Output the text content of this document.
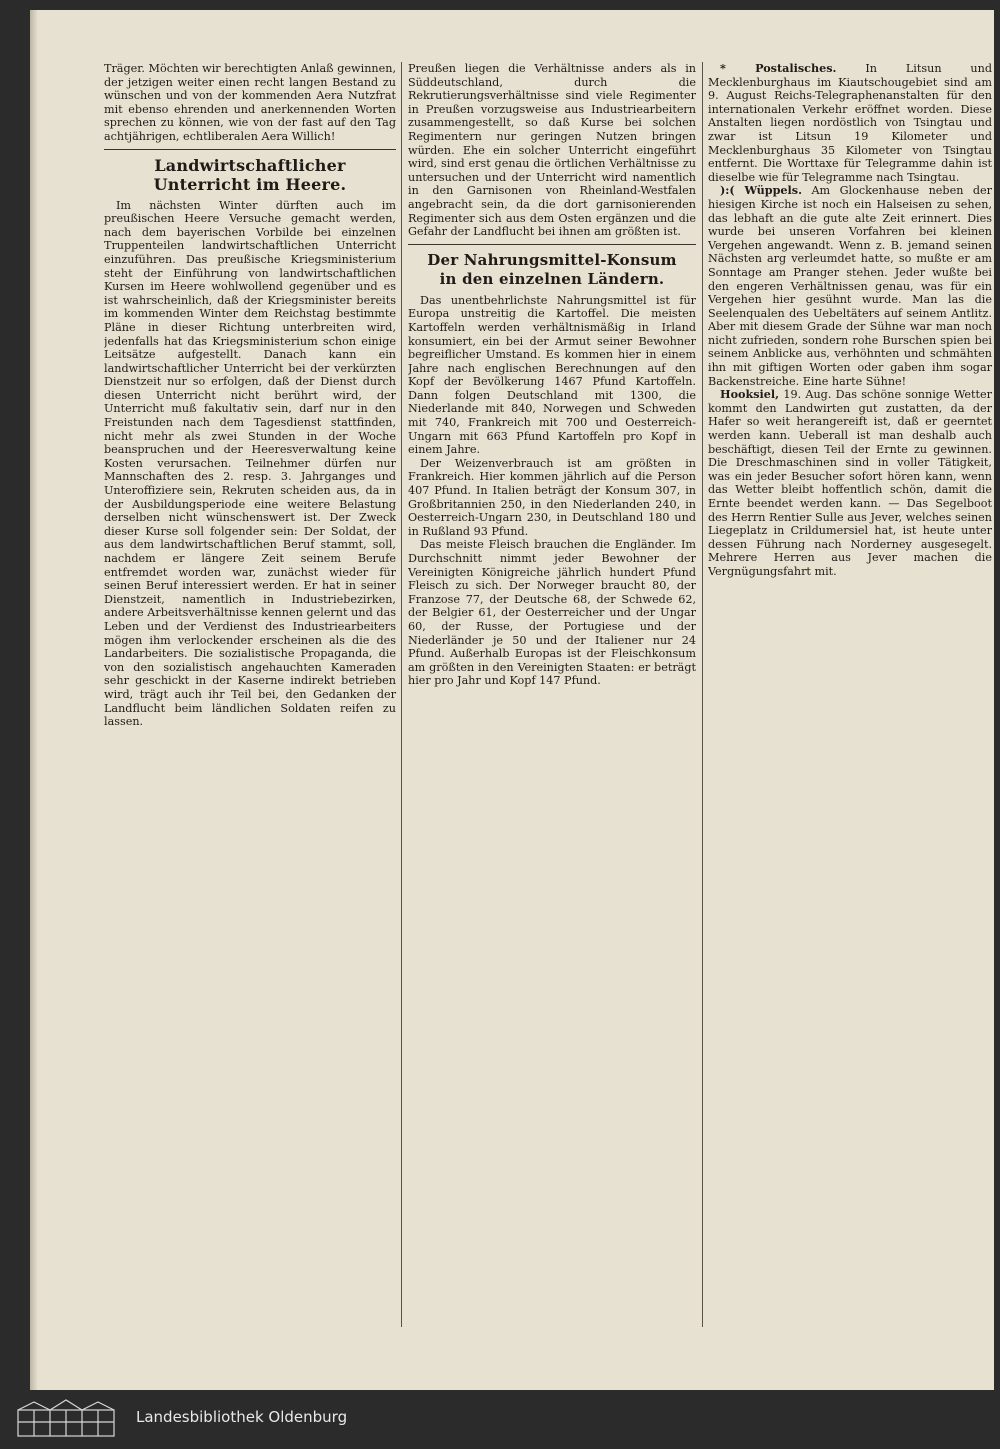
Träger. Möchten wir berechtigten Anlaß gewinnen, der jetzigen weiter einen recht langen Bestand zu wünschen und von der kommenden Aera Nutzfrat mit ebenso ehrenden und anerkennenden Worten sprechen zu können, wie von der fast auf den Tag achtjährigen, echtliberalen Aera Willich!

Landwirtschaftlicher Unterricht im Heere.

Im nächsten Winter dürften auch im preußischen Heere Versuche gemacht werden, nach dem bayerischen Vorbilde bei einzelnen Truppenteilen landwirtschaftlichen Unterricht einzuführen. Das preußische Kriegsministerium steht der Einführung von landwirtschaftlichen Kursen im Heere wohlwollend gegenüber und es ist wahrscheinlich, daß der Kriegsminister bereits im kommenden Winter dem Reichstag bestimmte Pläne in dieser Richtung unterbreiten wird, jedenfalls hat das Kriegsministerium schon einige Leitsätze aufgestellt. Danach kann ein landwirtschaftlicher Unterricht bei der verkürzten Dienstzeit nur so erfolgen, daß der Dienst durch diesen Unterricht nicht berührt wird, der Unterricht muß fakultativ sein, darf nur in den Freistunden nach dem Tagesdienst stattfinden, nicht mehr als zwei Stunden in der Woche beanspruchen und der Heeresverwaltung keine Kosten verursachen. Teilnehmer dürfen nur Mannschaften des 2. resp. 3. Jahrganges und Unteroffiziere sein, Rekruten scheiden aus, da in der Ausbildungsperiode eine weitere Belastung derselben nicht wünschenswert ist. Der Zweck dieser Kurse soll folgender sein: Der Soldat, der aus dem landwirtschaftlichen Beruf stammt, soll, nachdem er längere Zeit seinem Berufe entfremdet worden war, zunächst wieder für seinen Beruf interessiert werden. Er hat in seiner Dienstzeit, namentlich in Industriebezirken, andere Arbeitsverhältnisse kennen gelernt und das Leben und der Verdienst des Industriearbeiters mögen ihm verlockender erscheinen als die des Landarbeiters. Die sozialistische Propaganda, die von den sozialistisch angehauchten Kameraden sehr geschickt in der Kaserne indirekt betrieben wird, trägt auch ihr Teil bei, den Gedanken der Landflucht beim ländlichen Soldaten reifen zu lassen.

Preußen liegen die Verhältnisse anders als in Süddeutschland, durch die Rekrutierungsverhältnisse sind viele Regimenter in Preußen vorzugsweise aus Industriearbeitern zusammengestellt, so daß Kurse bei solchen Regimentern nur geringen Nutzen bringen würden. Ehe ein solcher Unterricht eingeführt wird, sind erst genau die örtlichen Verhältnisse zu untersuchen und der Unterricht wird namentlich in den Garnisonen von Rheinland-Westfalen angebracht sein, da die dort garnisonierenden Regimenter sich aus dem Osten ergänzen und die Gefahr der Landflucht bei ihnen am größten ist.

Der Nahrungsmittel-Konsum
in den einzelnen Ländern.

Das unentbehrlichste Nahrungsmittel ist für Europa unstreitig die Kartoffel. Die meisten Kartoffeln werden verhältnismäßig in Irland konsumiert, ein bei der Armut seiner Bewohner begreiflicher Umstand. Es kommen hier in einem Jahre nach englischen Berechnungen auf den Kopf der Bevölkerung 1467 Pfund Kartoffeln. Dann folgen Deutschland mit 1300, die Niederlande mit 840, Norwegen und Schweden mit 740, Frankreich mit 700 und Oesterreich-Ungarn mit 663 Pfund Kartoffeln pro Kopf in einem Jahre.

Der Weizenverbrauch ist am größten in Frankreich. Hier kommen jährlich auf die Person 407 Pfund. In Italien beträgt der Konsum 307, in Großbritannien 250, in den Niederlanden 240, in Oesterreich-Ungarn 230, in Deutschland 180 und in Rußland 93 Pfund.

Das meiste Fleisch brauchen die Engländer. Im Durchschnitt nimmt jeder Bewohner der Vereinigten Königreiche jährlich hundert Pfund Fleisch zu sich. Der Norweger braucht 80, der Franzose 77, der Deutsche 68, der Schwede 62, der Belgier 61, der Oesterreicher und der Ungar 60, der Russe, der Portugiese und der Niederländer je 50 und der Italiener nur 24 Pfund. Außerhalb Europas ist der Fleischkonsum am größten in den Vereinigten Staaten: er beträgt hier pro Jahr und Kopf 147 Pfund.

* Postalisches.	In Litsun und Mecklenburghaus im Kiautschougebiet sind am 9. August Reichs-Telegraphenanstalten für den internationalen Verkehr eröffnet worden. Diese Anstalten liegen nordöstlich von Tsingtau und zwar ist Litsun 19 Kilometer und Mecklenburghaus 35 Kilometer von Tsingtau entfernt. Die Worttaxe für Telegramme dahin ist dieselbe wie für Telegramme nach Tsingtau.

):( Wüppels. Am Glockenhause neben der hiesigen Kirche ist noch ein Halseisen zu sehen, das lebhaft an die gute alte Zeit erinnert. Dies wurde bei unseren Vorfahren bei kleinen Vergehen angewandt. Wenn z. B. jemand seinen Nächsten arg verleumdet hatte, so mußte er am Sonntage am Pranger stehen. Jeder wußte bei den engeren Verhältnissen genau, was für ein Vergehen hier gesühnt wurde. Man las die Seelenqualen des Uebeltäters auf seinem Antlitz. Aber mit diesem Grade der Sühne war man noch nicht zufrieden, sondern rohe Burschen spien bei seinem Anblicke aus, verhöhnten und schmähten ihn mit giftigen Worten oder gaben ihm sogar Backenstreiche. Eine harte Sühne!

Hooksiel, 19. Aug. Das schöne sonnige Wetter kommt den Landwirten gut zustatten, da der Hafer so weit herangereift ist, daß er geerntet werden kann. Ueberall ist man deshalb auch beschäftigt, diesen Teil der Ernte zu gewinnen. Die Dreschmaschinen sind in voller Tätigkeit, was ein jeder Besucher sofort hören kann, wenn das Wetter bleibt hoffentlich schön, damit die Ernte beendet werden kann. — Das Segelboot des Herrn Rentier Sulle aus Jever, welches seinen Liegeplatz in Crildumersiel hat, ist heute unter dessen Führung nach Norderney ausgesegelt. Mehrere Herren aus Jever machen die Vergnügungsfahrt mit.

Landesbibliothek Oldenburg
